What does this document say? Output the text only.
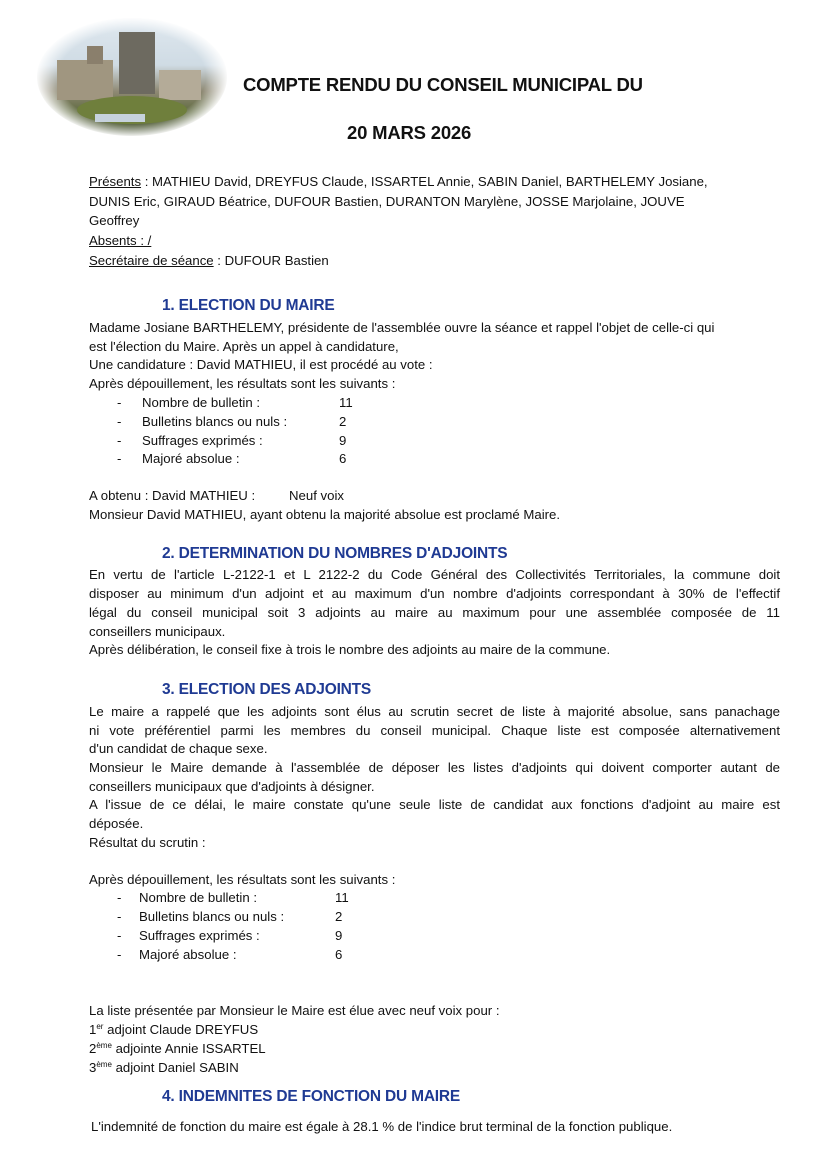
COMPTE RENDU DU CONSEIL MUNICIPAL DU
20 MARS 2026
Présents : MATHIEU David, DREYFUS Claude, ISSARTEL Annie, SABIN Daniel, BARTHELEMY Josiane,
DUNIS Eric, GIRAUD Béatrice, DUFOUR Bastien, DURANTON Marylène, JOSSE Marjolaine, JOUVE
Geoffrey
Absents : /
Secrétaire de séance : DUFOUR Bastien
1. ELECTION DU MAIRE
Madame Josiane BARTHELEMY, présidente de l'assemblée ouvre la séance et rappel l'objet de celle-ci qui
est l'élection du Maire. Après un appel à candidature,
Une candidature : David MATHIEU, il est procédé au vote :
Après dépouillement, les résultats sont les suivants :
- Nombre de bulletin :	11
- Bulletins blancs ou nuls :	2
- Suffrages exprimés :	9
- Majoré absolue :	6
A obtenu : David MATHIEU :	Neuf voix
Monsieur David MATHIEU, ayant obtenu la majorité absolue est proclamé Maire.
2. DETERMINATION DU NOMBRES D'ADJOINTS
En vertu de l'article L-2122-1 et L 2122-2 du Code Général des Collectivités Territoriales, la commune doit
disposer au minimum d'un adjoint et au maximum d'un nombre d'adjoints correspondant à 30% de l'effectif
légal du conseil municipal soit 3 adjoints au maire au maximum pour une assemblée composée de 11
conseillers municipaux.
Après délibération, le conseil fixe à trois le nombre des adjoints au maire de la commune.
3. ELECTION DES ADJOINTS
Le maire a rappelé que les adjoints sont élus au scrutin secret de liste à majorité absolue, sans panachage
ni vote préférentiel parmi les membres du conseil municipal. Chaque liste est composée alternativement
d'un candidat de chaque sexe.
Monsieur le Maire demande à l'assemblée de déposer les listes d'adjoints qui doivent comporter autant de
conseillers municipaux que d'adjoints à désigner.
A l'issue de ce délai, le maire constate qu'une seule liste de candidat aux fonctions d'adjoint au maire est
déposée.
Résultat du scrutin :
Après dépouillement, les résultats sont les suivants :
- Nombre de bulletin :	11
- Bulletins blancs ou nuls :	2
- Suffrages exprimés :	9
- Majoré absolue :	6
La liste présentée par Monsieur le Maire est élue avec neuf voix pour :
1er adjoint Claude DREYFUS
2ème adjointe Annie ISSARTEL
3ème adjoint Daniel SABIN
4. INDEMNITES DE FONCTION DU MAIRE
L'indemnité de fonction du maire est égale à 28.1 % de l'indice brut terminal de la fonction publique.
